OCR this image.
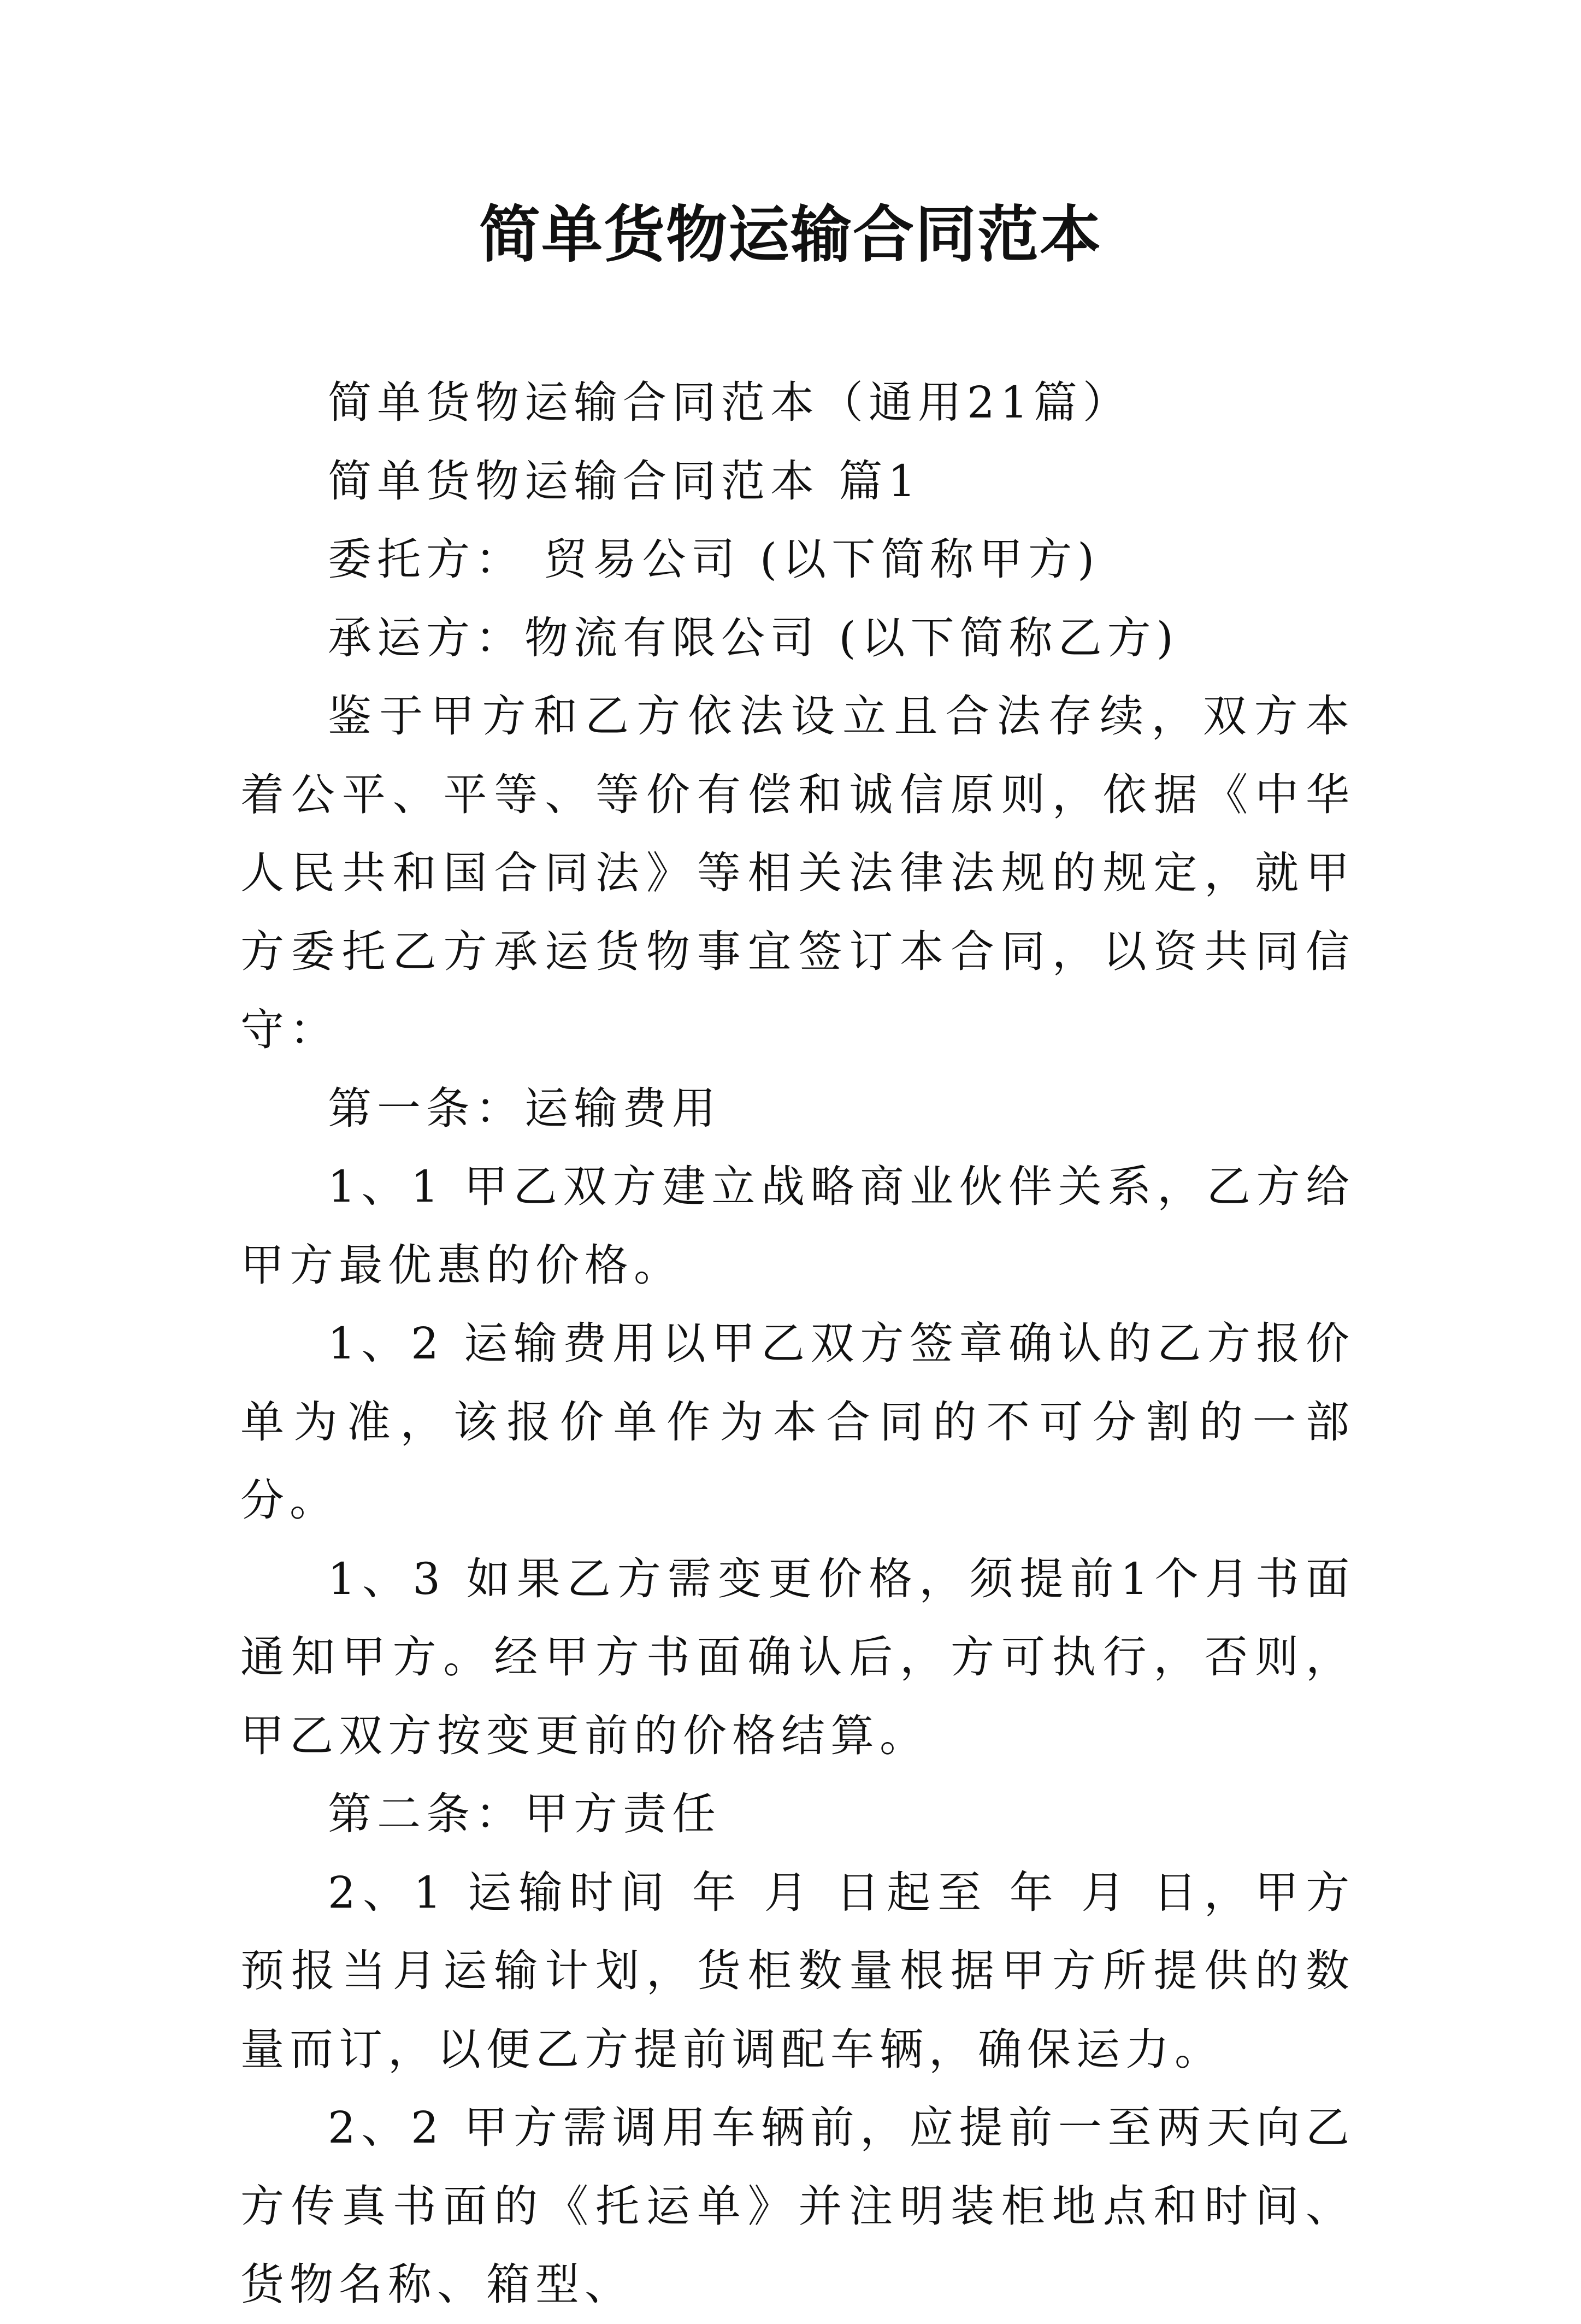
简单货物运输合同范本

简单货物运输合同范本（通用21篇）

简单货物运输合同范本 篇1

委托方： 贸易公司 (以下简称甲方)

承运方：物流有限公司 (以下简称乙方)

鉴于甲方和乙方依法设立且合法存续，双方本着公平、平等、等价有偿和诚信原则，依据《中华人民共和国合同法》等相关法律法规的规定，就甲方委托乙方承运货物事宜签订本合同，以资共同信守：

第一条：运输费用

1、1 甲乙双方建立战略商业伙伴关系，乙方给甲方最优惠的价格。

1、2 运输费用以甲乙双方签章确认的乙方报价单为准，该报价单作为本合同的不可分割的一部分。

1、3 如果乙方需变更价格，须提前1个月书面通知甲方。经甲方书面确认后，方可执行，否则，甲乙双方按变更前的价格结算。

第二条：甲方责任

2、1 运输时间 年 月 日起至 年 月 日，甲方预报当月运输计划，货柜数量根据甲方所提供的数量而订，以便乙方提前调配车辆，确保运力。

2、2 甲方需调用车辆前，应提前一至两天向乙方传真书面的《托运单》并注明装柜地点和时间、货物名称、箱型、
